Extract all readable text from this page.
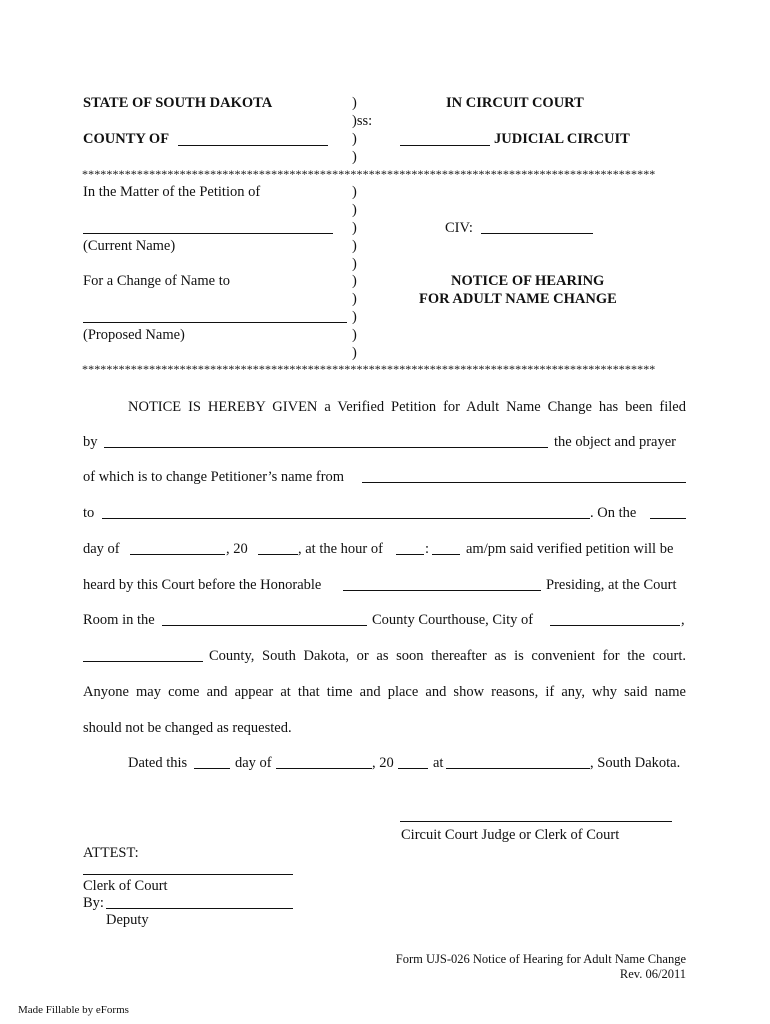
STATE OF SOUTH DAKOTA	IN CIRCUIT COURT
)
)ss:
)
)
COUNTY OF	JUDICIAL CIRCUIT
**********************************************************************************************
In the Matter of the Petition of	)
)
)	CIV:
(Current Name)	)
)
For a Change of Name to	)	NOTICE OF HEARING
)	FOR ADULT NAME CHANGE
)
(Proposed Name)	)
)
**********************************************************************************************
NOTICE IS HEREBY GIVEN a Verified Petition for Adult Name Change has been filed
by	the object and prayer
of which is to change Petitioner’s name from
to	. On the
day of	, 20	, at the hour of	:	am/pm said verified petition will be
heard by this Court before the Honorable	Presiding, at the Court
Room in the	County Courthouse, City of	,
County, South Dakota, or as soon thereafter as is convenient for the court.
Anyone may come and appear at that time and place and show reasons, if any, why said name
should not be changed as requested.
Dated this	day of	, 20	at	, South Dakota.
Circuit Court Judge or Clerk of Court
ATTEST:
Clerk of Court
By:
Deputy
Form UJS-026 Notice of Hearing for Adult Name Change
Rev. 06/2011
Made Fillable by eForms
